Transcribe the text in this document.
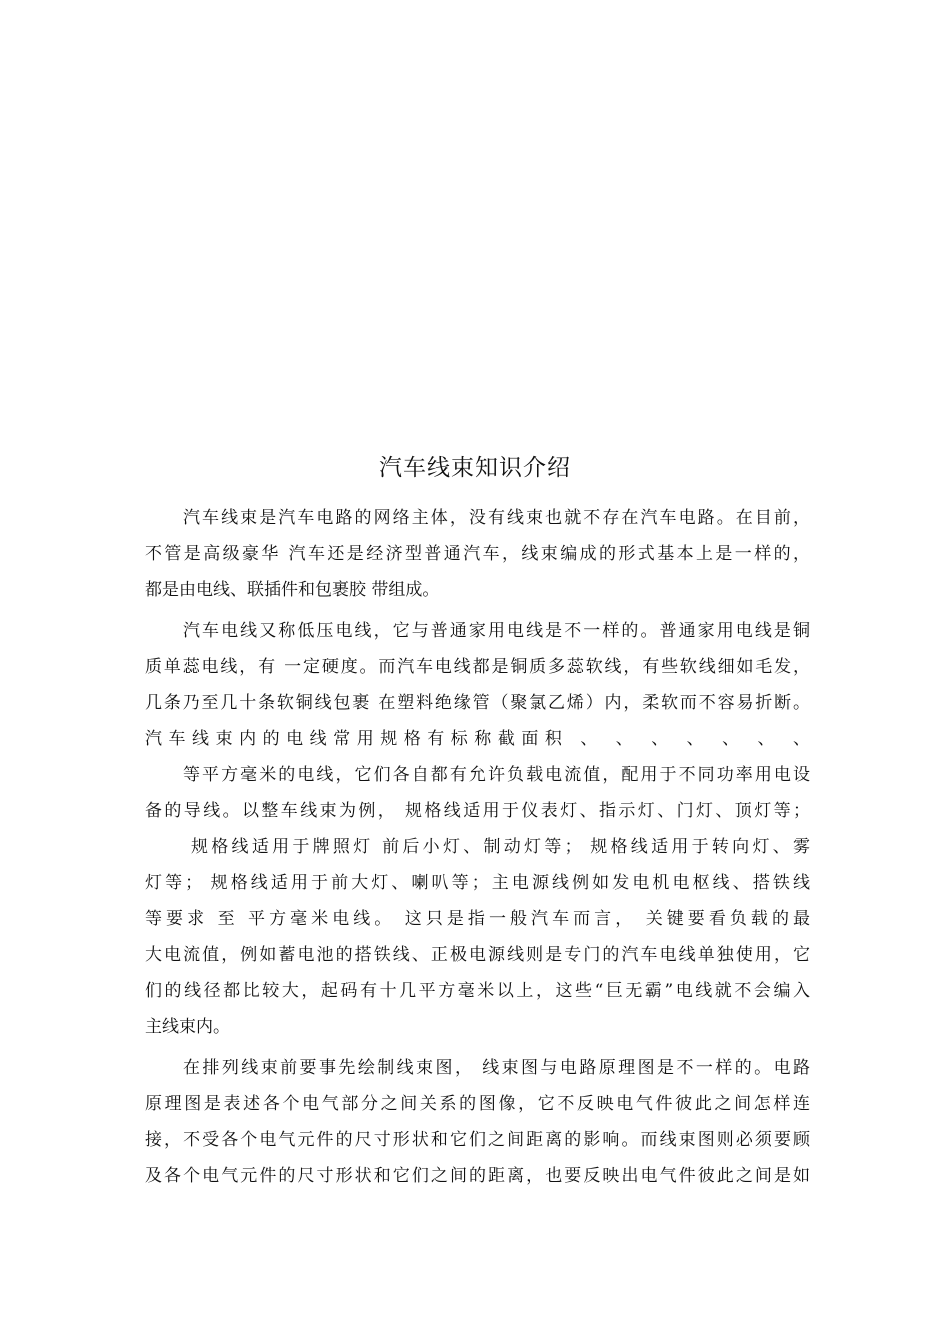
汽车线束知识介绍
汽车线束是汽车电路的网络主体，没有线束也就不存在汽车电路。在目前，
不管是高级豪华 汽车还是经济型普通汽车，线束编成的形式基本上是一样的，
都是由电线、联插件和包裹胶 带组成。
汽车电线又称低压电线，它与普通家用电线是不一样的。普通家用电线是铜
质单蕊电线，有 一定硬度。而汽车电线都是铜质多蕊软线，有些软线细如毛发，
几条乃至几十条软铜线包裹 在塑料绝缘管（聚氯乙烯）内，柔软而不容易折断。
汽车线束内的电线常用规格有标称截面积 、 、 、 、 、 、 、
等平方毫米的电线，它们各自都有允许负载电流值，配用于不同功率用电设
备的导线。以整车线束为例， 规格线适用于仪表灯、指示灯、门灯、顶灯等；
规格线适用于牌照灯 前后小灯、制动灯等； 规格线适用于转向灯、雾
灯等； 规格线适用于前大灯、喇叭等；主电源线例如发电机电枢线、搭铁线
等要求 至 平方毫米电线。 这只是指一般汽车而言， 关键要看负载的最
大电流值，例如蓄电池的搭铁线、正极电源线则是专门的汽车电线单独使用，它
们的线径都比较大，起码有十几平方毫米以上，这些“巨无霸”电线就不会编入
主线束内。
在排列线束前要事先绘制线束图， 线束图与电路原理图是不一样的。电路
原理图是表述各个电气部分之间关系的图像，它不反映电气件彼此之间怎样连
接，不受各个电气元件的尺寸形状和它们之间距离的影响。而线束图则必须要顾
及各个电气元件的尺寸形状和它们之间的距离，也要反映出电气件彼此之间是如
